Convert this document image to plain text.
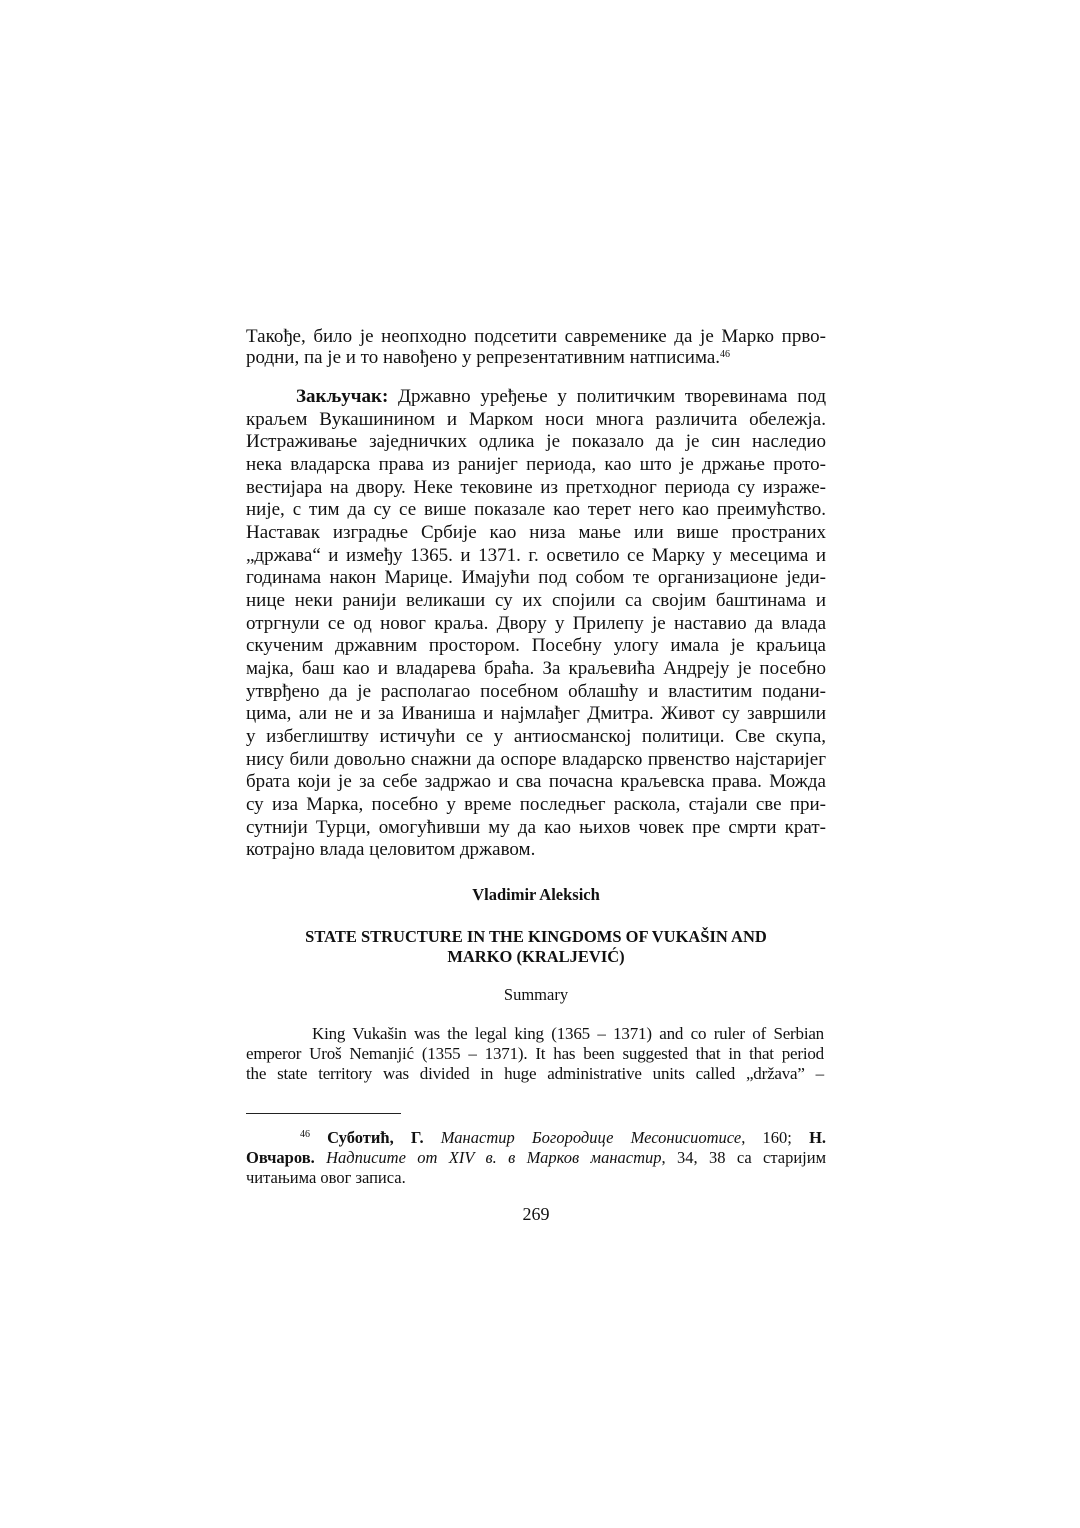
Такође, било је неопходно подсетити савременике да је Марко прво-
родни, па је и то навођено у репрезентативним натписима.$^{46}$
Закључак: Државно уређење у политичким творевинама под
краљем Вукашинином и Марком носи многа различита обележја.
Истраживање заједничких одлика је показало да је син наследио
нека владарска права из ранијег периода, као што је држање прото-
вестијара на двору. Неке тековине из претходног периода су израже-
није, с тим да су се више показале као терет него као преимућство.
Наставак изградње Србије као низа мање или више пространих
„држава“ и између 1365. и 1371. г. осветило се Марку у месецима и
годинама након Марице. Имајући под собом те организационе једи-
нице неки ранији великаши су их спојили са својим баштинама и
отргнули се од новог краља. Двору у Прилепу је наставио да влада
скученим државним простором. Посебну улогу имала је краљица
мајка, баш као и владарева браћа. За краљевића Андреју је посебно
утврђено да је располагао посебном облашћу и властитим подани-
цима, али не и за Иваниша и најмлађег Дмитра. Живот су завршили
у избеглиштву истичући се у антиосманској политици. Све скупа,
нису били довољно снажни да оспоре владарско првенство најстаријег
брата који је за себе задржао и сва почасна краљевска права. Можда
су иза Марка, посебно у време последњег раскола, стајали све при-
сутнији Турци, омогућивши му да као њихов човек пре смрти крат-
котрајно влада целовитом државом.
Vladimir Aleksich
STATE STRUCTURE IN THE KINGDOMS OF VUKAŠIN AND
MARKO (KRALJEVIĆ)
Summary
King Vukašin was the legal king (1365 – 1371) and co ruler of Serbian
emperor Uroš Nemanjić (1355 – 1371). It has been suggested that in that period
the state territory was divided in huge administrative units called „država” –
$^{46}$ Суботић, Г. Манастир Богородице Месонисиотисе, 160; Н.
Овчаров. Надписите от XIV в. в Марков манастир, 34, 38 са старијим
читањима овог записа.
269
